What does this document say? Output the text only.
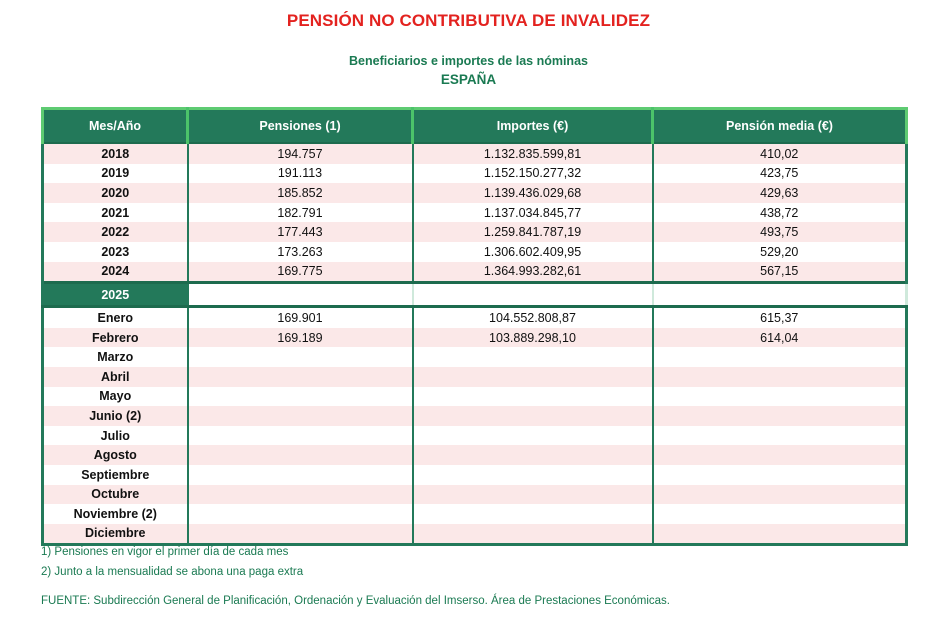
PENSIÓN NO CONTRIBUTIVA DE INVALIDEZ
Beneficiarios e importes de las nóminas
ESPAÑA
Mes/Año	Pensiones (1)	Importes (€)	Pensión media (€)
2018	194.757	1.132.835.599,81	410,02
2019	191.113	1.152.150.277,32	423,75
2020	185.852	1.139.436.029,68	429,63
2021	182.791	1.137.034.845,77	438,72
2022	177.443	1.259.841.787,19	493,75
2023	173.263	1.306.602.409,95	529,20
2024	169.775	1.364.993.282,61	567,15
2025			
Enero	169.901	104.552.808,87	615,37
Febrero	169.189	103.889.298,10	614,04
Marzo			
Abril			
Mayo			
Junio (2)			
Julio			
Agosto			
Septiembre			
Octubre			
Noviembre (2)			
Diciembre			
1) Pensiones en vigor el primer día de cada mes
2) Junto a la mensualidad se abona una paga extra
FUENTE: Subdirección General de Planificación, Ordenación y Evaluación del Imserso. Área de Prestaciones Económicas.
